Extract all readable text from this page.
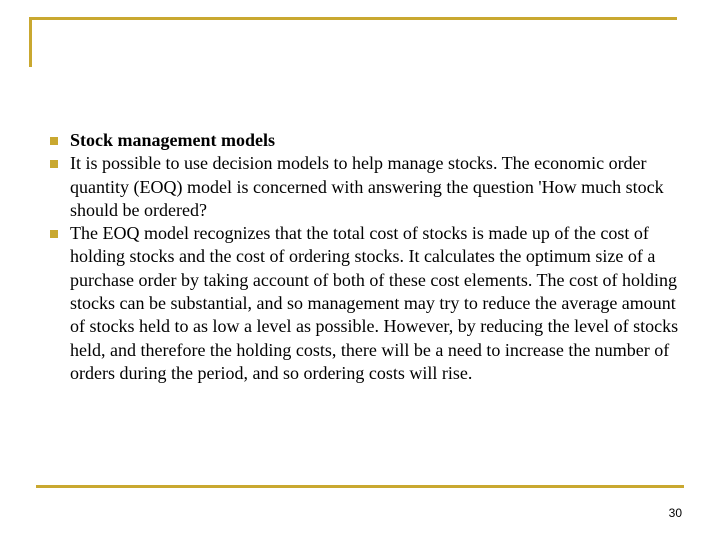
Stock management models
It is possible to use decision models to help manage stocks. The economic order quantity (EOQ) model is concerned with answering the question 'How much stock should be ordered?
The EOQ model recognizes that the total cost of stocks is made up of the cost of holding stocks and the cost of ordering stocks. It calculates the optimum size of a purchase order by taking account of both of these cost elements. The cost of holding stocks can be substantial, and so management may try to reduce the average amount of stocks held to as low a level as possible. However, by reducing the level of stocks held, and therefore the holding costs, there will be a need to increase the number of orders during the period, and so ordering costs will rise.
30
